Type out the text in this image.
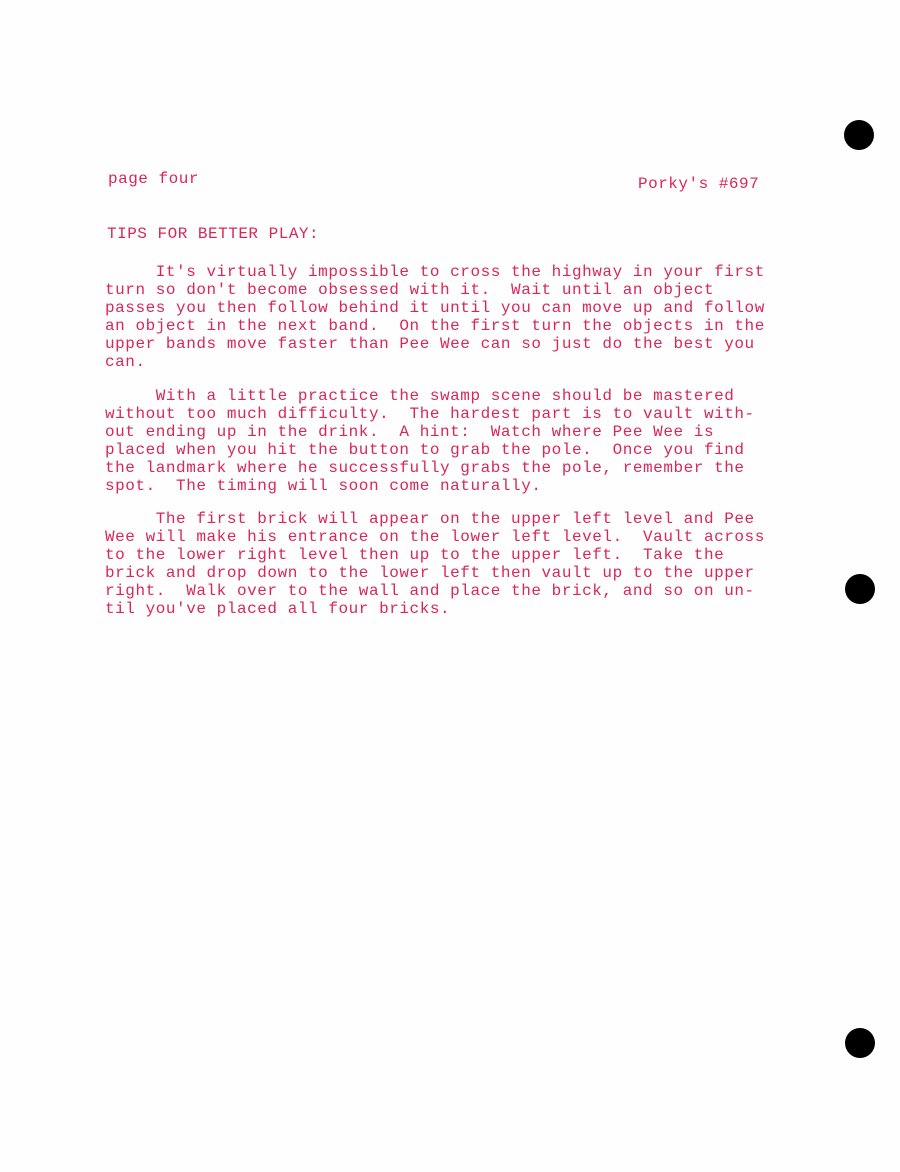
page four	Porky's #697
TIPS FOR BETTER PLAY:
It's virtually impossible to cross the highway in your first
turn so don't become obsessed with it.  Wait until an object
passes you then follow behind it until you can move up and follow
an object in the next band.  On the first turn the objects in the
upper bands move faster than Pee Wee can so just do the best you
can.
With a little practice the swamp scene should be mastered
without too much difficulty.  The hardest part is to vault with-
out ending up in the drink.  A hint:  Watch where Pee Wee is
placed when you hit the button to grab the pole.  Once you find
the landmark where he successfully grabs the pole, remember the
spot.  The timing will soon come naturally.
The first brick will appear on the upper left level and Pee
Wee will make his entrance on the lower left level.  Vault across
to the lower right level then up to the upper left.  Take the
brick and drop down to the lower left then vault up to the upper
right.  Walk over to the wall and place the brick, and so on un-
til you've placed all four bricks.
